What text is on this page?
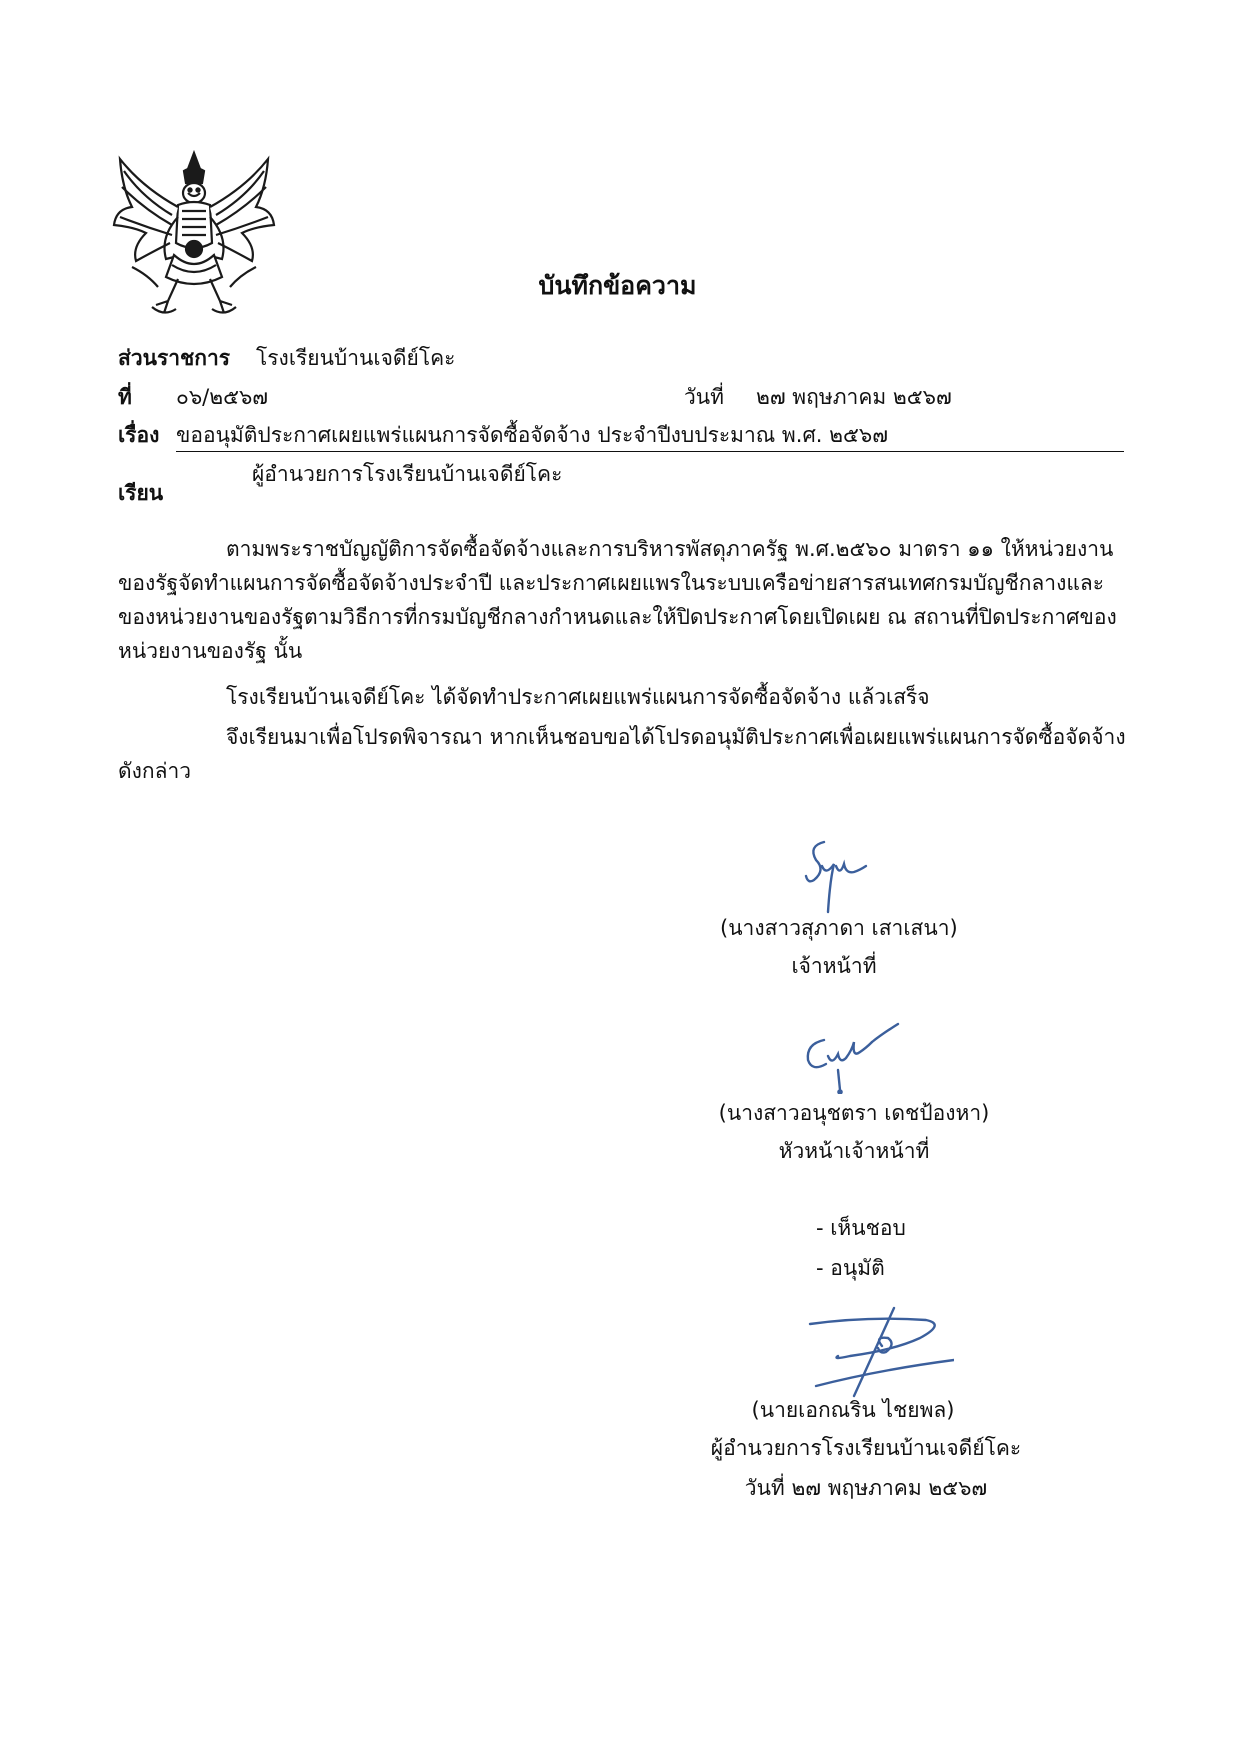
บันทึกข้อความ
ส่วนราชการ โรงเรียนบ้านเจดีย์โคะ
ที่ ๐๖/๒๕๖๗	วันที่ ๒๗ พฤษภาคม ๒๕๖๗
เรื่อง ขออนุมัติประกาศเผยแพร่แผนการจัดซื้อจัดจ้าง ประจำปีงบประมาณ พ.ศ. ๒๕๖๗
ผู้อำนวยการโรงเรียนบ้านเจดีย์โคะ
เรียน
ตามพระราชบัญญัติการจัดซื้อจัดจ้างและการบริหารพัสดุภาครัฐ พ.ศ.๒๕๖๐ มาตรา ๑๑ ให้หน่วยงานของรัฐจัดทำแผนการจัดซื้อจัดจ้างประจำปี และประกาศเผยแพรในระบบเครือข่ายสารสนเทศกรมบัญชีกลางและของหน่วยงานของรัฐตามวิธีการที่กรมบัญชีกลางกำหนดและให้ปิดประกาศโดยเปิดเผย ณ สถานที่ปิดประกาศของหน่วยงานของรัฐ นั้น
โรงเรียนบ้านเจดีย์โคะ ได้จัดทำประกาศเผยแพร่แผนการจัดซื้อจัดจ้าง แล้วเสร็จ
จึงเรียนมาเพื่อโปรดพิจารณา หากเห็นชอบขอได้โปรดอนุมัติประกาศเพื่อเผยแพร่แผนการจัดซื้อจัดจ้าง ดังกล่าว
(นางสาวสุภาดา เสาเสนา)
เจ้าหน้าที่
(นางสาวอนุชตรา เดชป้องหา)
หัวหน้าเจ้าหน้าที่
- เห็นชอบ
- อนุมัติ
(นายเอกณริน ไชยพล)
ผู้อำนวยการโรงเรียนบ้านเจดีย์โคะ
วันที่ ๒๗ พฤษภาคม ๒๕๖๗
